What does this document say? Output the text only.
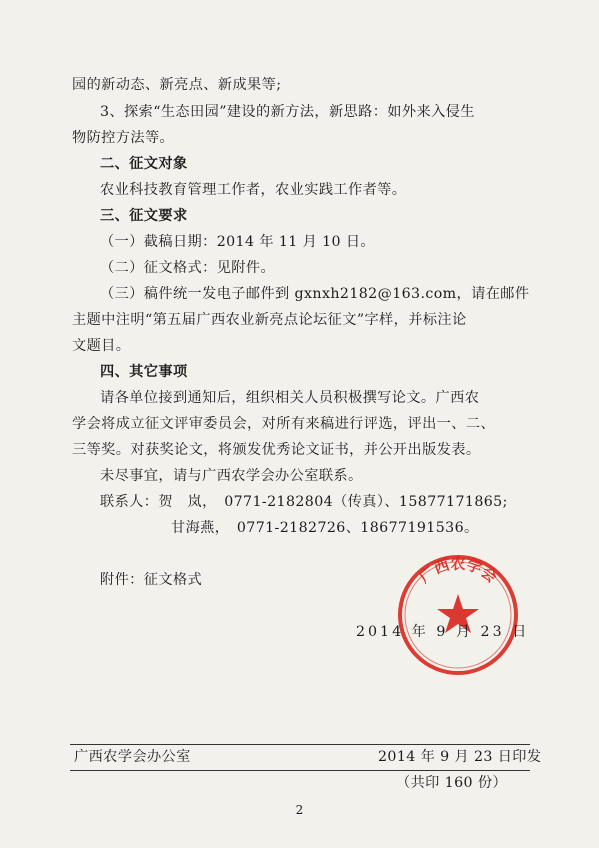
园的新动态、新亮点、新成果等;
3、探索“生态田园”建设的新方法，新思路：如外来入侵生
物防控方法等。
二、征文对象
农业科技教育管理工作者，农业实践工作者等。
三、征文要求
（一）截稿日期：2014 年 11 月 10 日。
（二）征文格式：见附件。
（三）稿件统一发电子邮件到 gxnxh2182@163.com，请在邮件
主题中注明“第五届广西农业新亮点论坛征文”字样，并标注论
文题目。
四、其它事项
请各单位接到通知后，组织相关人员积极撰写论文。广西农
学会将成立征文评审委员会，对所有来稿进行评选，评出一、二、
三等奖。对获奖论文，将颁发优秀论文证书，并公开出版发表。
未尽事宜，请与广西农学会办公室联系。
联系人：贺　岚，　0771-2182804（传真）、15877171865;
甘海燕，　0771-2182726、18677191536。
附件：征文格式	广西农学会
2014 年 9 月 23 日
广西农学会办公室	2014 年 9 月 23 日印发
（共印 160 份）
2
